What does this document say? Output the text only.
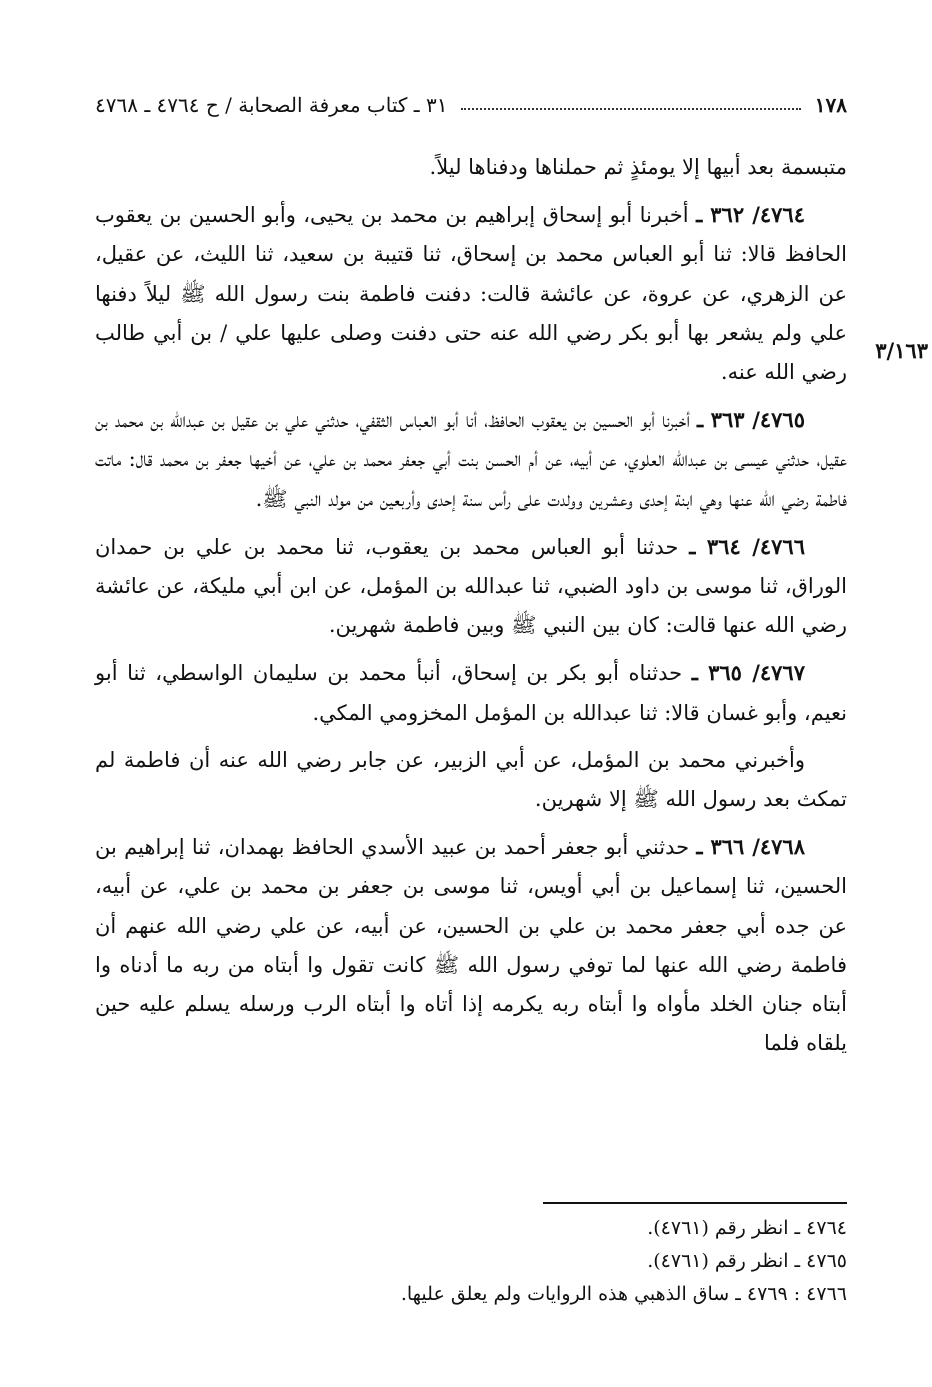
١٧٨
٣١ ـ كتاب معرفة الصحابة / ح ٤٧٦٤ ـ ٤٧٦٨
٣/١٦٣

متبسمة بعد أبيها إلا يومئذٍ ثم حملناها ودفناها ليلاً.

٤٧٦٤/ ٣٦٢ ـ أخبرنا أبو إسحاق إبراهيم بن محمد بن يحيى، وأبو الحسين بن يعقوب الحافظ قالا: ثنا أبو العباس محمد بن إسحاق، ثنا قتيبة بن سعيد، ثنا الليث، عن عقيل، عن الزهري، عن عروة، عن عائشة قالت: دفنت فاطمة بنت رسول الله ﷺ ليلاً دفنها علي ولم يشعر بها أبو بكر رضي الله عنه حتى دفنت وصلى عليها علي / بن أبي طالب رضي الله عنه.

٤٧٦٥/ ٣٦٣ ـ أخبرنا أبو الحسين بن يعقوب الحافظ، أنا أبو العباس الثقفي، حدثني علي بن عقيل بن عبدالله بن محمد بن عقيل، حدثني عيسى بن عبدالله العلوي، عن أبيه، عن أم الحسن بنت أبي جعفر محمد بن علي، عن أخيها جعفر بن محمد قال: ماتت فاطمة رضي الله عنها وهي ابنة إحدى وعشرين وولدت على رأس سنة إحدى وأربعين من مولد النبي ﷺ.

٤٧٦٦/ ٣٦٤ ـ حدثنا أبو العباس محمد بن يعقوب، ثنا محمد بن علي بن حمدان الوراق، ثنا موسى بن داود الضبي، ثنا عبدالله بن المؤمل، عن ابن أبي مليكة، عن عائشة رضي الله عنها قالت: كان بين النبي ﷺ وبين فاطمة شهرين.

٤٧٦٧/ ٣٦٥ ـ حدثناه أبو بكر بن إسحاق، أنبأ محمد بن سليمان الواسطي، ثنا أبو نعيم، وأبو غسان قالا: ثنا عبدالله بن المؤمل المخزومي المكي.

وأخبرني محمد بن المؤمل، عن أبي الزبير، عن جابر رضي الله عنه أن فاطمة لم تمكث بعد رسول الله ﷺ إلا شهرين.

٤٧٦٨/ ٣٦٦ ـ حدثني أبو جعفر أحمد بن عبيد الأسدي الحافظ بهمدان، ثنا إبراهيم بن الحسين، ثنا إسماعيل بن أبي أويس، ثنا موسى بن جعفر بن محمد بن علي، عن أبيه، عن جده أبي جعفر محمد بن علي بن الحسين، عن أبيه، عن علي رضي الله عنهم أن فاطمة رضي الله عنها لما توفي رسول الله ﷺ كانت تقول وا أبتاه من ربه ما أدناه وا أبتاه جنان الخلد مأواه وا أبتاه ربه يكرمه إذا أتاه وا أبتاه الرب ورسله يسلم عليه حين يلقاه فلما

٤٧٦٤ ـ انظر رقم (٤٧٦١).
٤٧٦٥ ـ انظر رقم (٤٧٦١).
٤٧٦٦ : ٤٧٦٩ ـ ساق الذهبي هذه الروايات ولم يعلق عليها.
